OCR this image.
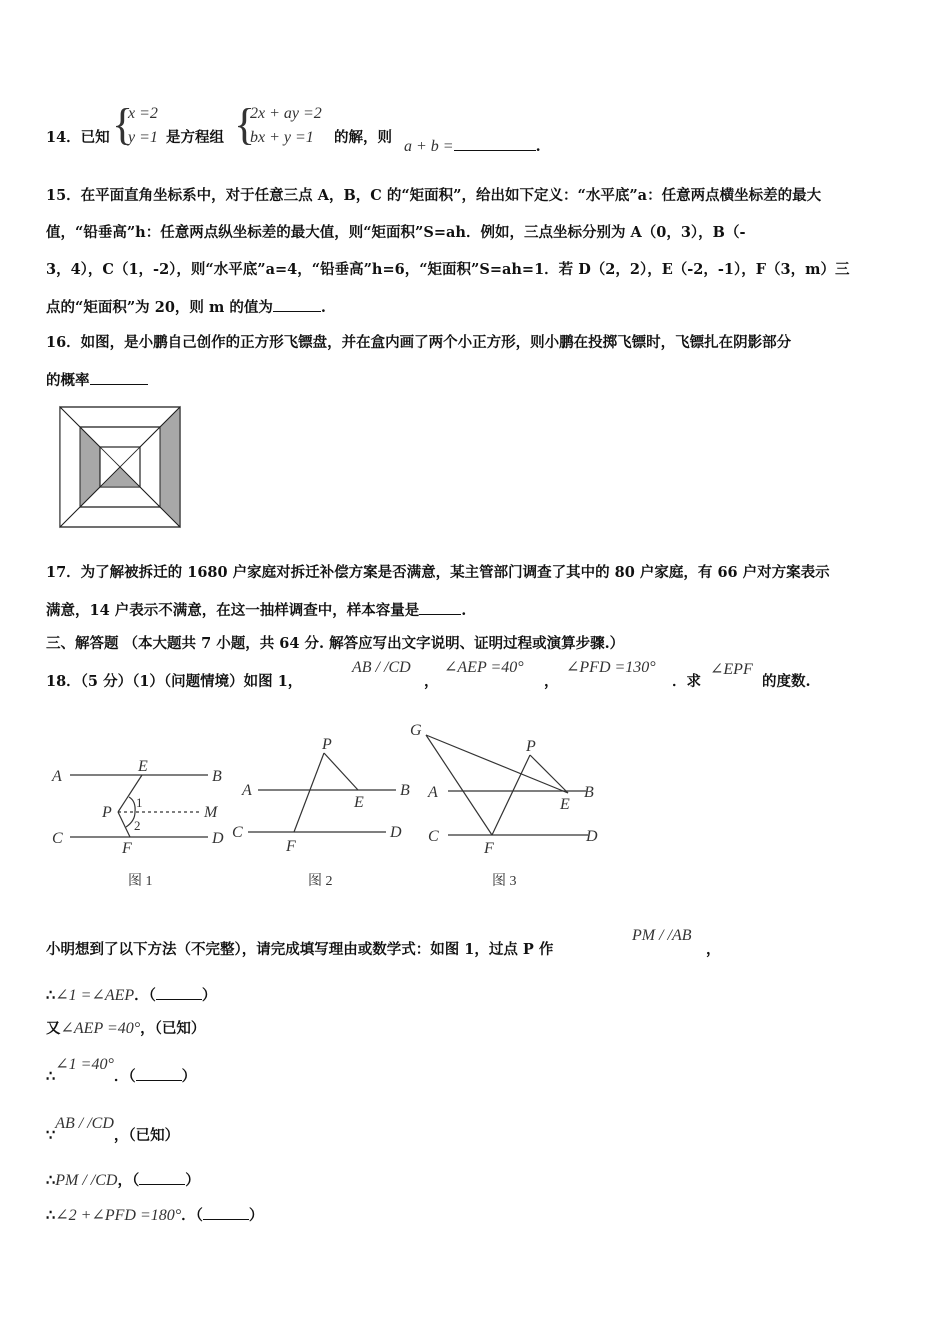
14．已知 {
x =2
y =1 是方程组 {
2x + ay =2
bx + y =1	的解，则
a + b =	.
15．在平面直角坐标系中，对于任意三点 A，B，C 的“矩面积”，给出如下定义：“水平底”a：任意两点横坐标差的最大
值，“铅垂高”h：任意两点纵坐标差的最大值，则“矩面积”S=ah．例如，三点坐标分别为 A（0，3），B（-
3，4），C（1，-2），则“水平底”a=4，“铅垂高”h=6，“矩面积”S=ah=1．若 D（2，2），E（-2，-1），F（3，m）三
点的“矩面积”为 20，则 m 的值为	.
16．如图，是小鹏自己创作的正方形飞镖盘，并在盒内画了两个小正方形，则小鹏在投掷飞镖时，飞镖扎在阴影部分
的概率
17．为了解被拆迁的 1680 户家庭对拆迁补偿方案是否满意，某主管部门调查了其中的 80 户家庭，有 66 户对方案表示
满意，14 户表示不满意，在这一抽样调查中，样本容量是	.
三、解答题 （本大题共 7 小题，共 64 分. 解答应写出文字说明、证明过程或演算步骤.）
18．（5 分）（1）（问题情境）如图 1，
AB / /CD
，
∠AEP =40°
，
∠PFD =130°
．求
∠EPF
的度数.
A
E
B
P
1
M
2
C
F
D
图 1
A	B
P
E
C
F
D
图 2
G
P
A
E
B
C
F
D
图 3
小明想到了以下方法（不完整），请完成填写理由或数学式：如图 1，过点 P 作
PM / /AB
，
∴∠1 =∠AEP．（	）
又∠AEP =40°，（已知）
∴∠1 =40°．（	）
∵AB / /CD，（已知）
∴PM / /CD，（	）
∴∠2 +∠PFD =180°．（	）
